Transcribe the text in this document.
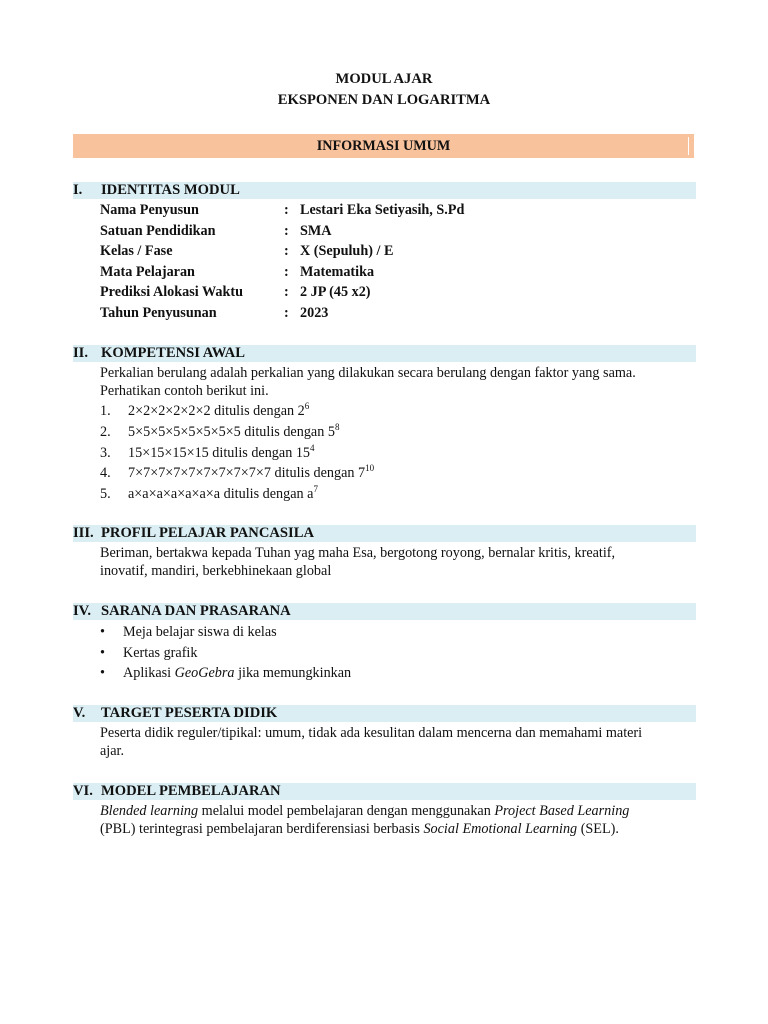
MODUL AJAR
EKSPONEN DAN LOGARITMA
INFORMASI UMUM
I. IDENTITAS MODUL
Nama Penyusun	: Lestari Eka Setiyasih, S.Pd
Satuan Pendidikan	: SMA
Kelas / Fase	: X (Sepuluh) / E
Mata Pelajaran	: Matematika
Prediksi Alokasi Waktu	: 2 JP (45 x2)
Tahun Penyusunan	: 2023
II. KOMPETENSI AWAL
Perkalian berulang adalah perkalian yang dilakukan secara berulang dengan faktor yang sama.
Perhatikan contoh berikut ini.
1. 2×2×2×2×2×2 ditulis dengan $2^6$
2. 5×5×5×5×5×5×5×5 ditulis dengan $5^8$
3. 15×15×15×15 ditulis dengan $15^4$
4. 7×7×7×7×7×7×7×7×7×7 ditulis dengan $7^{10}$
5. a×a×a×a×a×a×a ditulis dengan $a^7$
III. PROFIL PELAJAR PANCASILA
Beriman, bertakwa kepada Tuhan yag maha Esa, bergotong royong, bernalar kritis, kreatif,
inovatif, mandiri, berkebhinekaan global
IV. SARANA DAN PRASARANA
• Meja belajar siswa di kelas
• Kertas grafik
• Aplikasi GeoGebra jika memungkinkan
V. TARGET PESERTA DIDIK
Peserta didik reguler/tipikal: umum, tidak ada kesulitan dalam mencerna dan memahami materi
ajar.
VI. MODEL PEMBELAJARAN
Blended learning melalui model pembelajaran dengan menggunakan Project Based Learning
(PBL) terintegrasi pembelajaran berdiferensiasi berbasis Social Emotional Learning (SEL).
